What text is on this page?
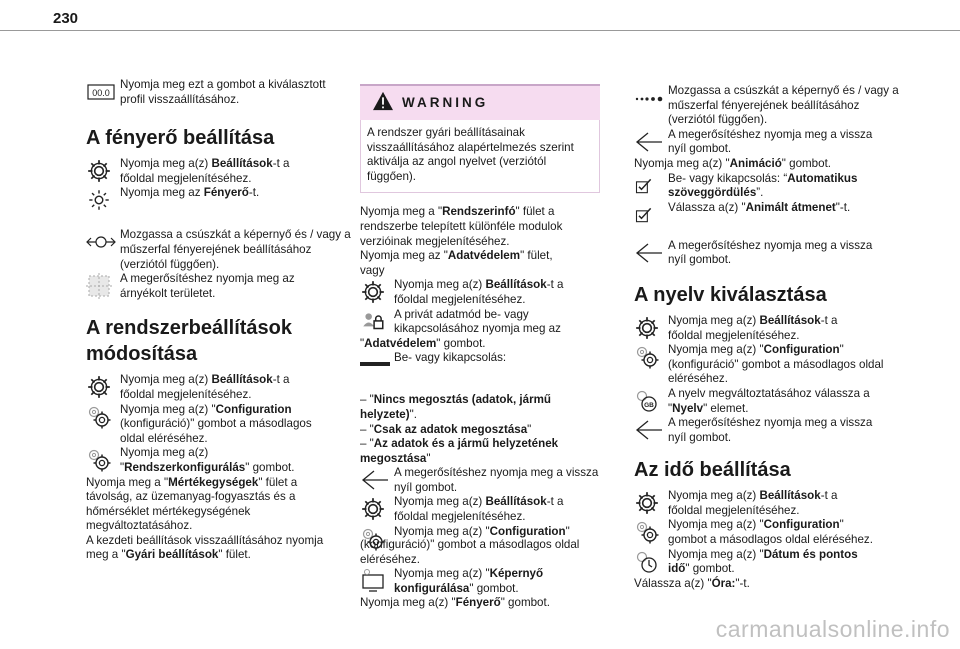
230
00.0
Nyomja meg ezt a gombot a kiválasztott profil visszaállításához.
A fényerő beállítása
Nyomja meg a(z) Beállítások-t a főoldal megjelenítéséhez.
Nyomja meg az Fényerő-t.
Mozgassa a csúszkát a képernyő és / vagy a műszerfal fényerejének beállításához (verziótól függően).
A megerősítéshez nyomja meg az árnyékolt területet.
A rendszerbeállítások
módosítása
Nyomja meg a(z) Beállítások-t a főoldal megjelenítéséhez.
Nyomja meg a(z) "Configuration
(konfiguráció)" gombot a másodlagos oldal eléréséhez.
Nyomja meg a(z) "Rendszerkonfigurálás" gombot.

Nyomja meg a "Mértékegységek" fület a távolság, az üzemanyag-fogyasztás és a hőmérséklet mértékegységének megváltoztatásához.

A kezdeti beállítások visszaállításához nyomja meg a "Gyári beállítások" fület.

WARNING
A rendszer gyári beállításainak visszaállításához alapértelmezés szerint aktiválja az angol nyelvet (verziótól függően).

Nyomja meg a "Rendszerinfó" fület a rendszerbe telepített különféle modulok verzióinak megjelenítéséhez.

Nyomja meg az "Adatvédelem" fület,

vagy

Nyomja meg a(z) Beállítások-t a főoldal megjelenítéséhez.
A privát adatmód be- vagy kikapcsolásához nyomja meg az

"Adatvédelem" gombot.

Be- vagy kikapcsolás:

– "Nincs megosztás (adatok, jármű helyzete)".

– "Csak az adatok megosztása"

– "Az adatok és a jármű helyzetének megosztása"

A megerősítéshez nyomja meg a vissza nyíl gombot.
Nyomja meg a(z) Beállítások-t a főoldal megjelenítéséhez.
Nyomja meg a(z) "Configuration"

(konfiguráció)" gombot a másodlagos oldal eléréséhez.

Nyomja meg a(z) "Képernyő konfigurálása" gombot.

Nyomja meg a(z) "Fényerő" gombot.

Mozgassa a csúszkát a képernyő és / vagy a műszerfal fényerejének beállításához (verziótól függően).
A megerősítéshez nyomja meg a vissza nyíl gombot.

Nyomja meg a(z) "Animáció" gombot.

Be- vagy kikapcsolás: “Automatikus szöveggördülés”.
Válassza a(z) "Animált átmenet"-t.
A megerősítéshez nyomja meg a vissza nyíl gombot.
A nyelv kiválasztása
Nyomja meg a(z) Beállítások-t a főoldal megjelenítéséhez.
Nyomja meg a(z) "Configuration" (konfiguráció" gombot a másodlagos oldal eléréséhez.
GB
A nyelv megváltoztatásához válassza a "Nyelv" elemet.
A megerősítéshez nyomja meg a vissza nyíl gombot.
Az idő beállítása
Nyomja meg a(z) Beállítások-t a főoldal megjelenítéséhez.
Nyomja meg a(z) "Configuration" gombot a másodlagos oldal eléréséhez.
Nyomja meg a(z) "Dátum és pontos idő" gombot.

Válassza a(z) "Óra:"-t.

carmanualsonline.info
